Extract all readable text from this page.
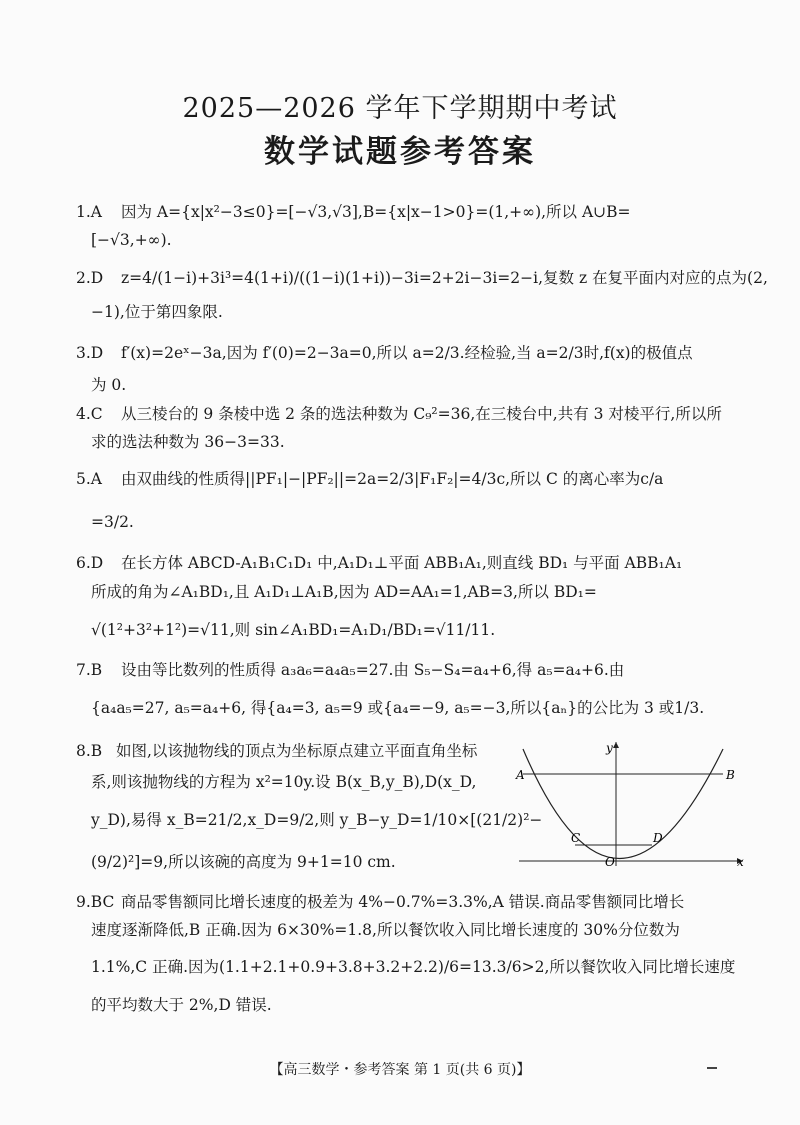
2025—2026 学年下学期期中考试
数学试题参考答案
1.A 因为 A={x|x²−3≤0}=[−√3,√3],B={x|x−1>0}=(1,+∞),所以 A∪B=
[−√3,+∞).
2.D z=4/(1−i)+3i³=4(1+i)/((1−i)(1+i))−3i=2+2i−3i=2−i,复数 z 在复平面内对应的点为(2,
−1),位于第四象限.
3.D f′(x)=2eˣ−3a,因为 f′(0)=2−3a=0,所以 a=2/3.经检验,当 a=2/3时,f(x)的极值点
为 0.
4.C 从三棱台的 9 条棱中选 2 条的选法种数为 C₉²=36,在三棱台中,共有 3 对棱平行,所以所
求的选法种数为 36−3=33.
5.A 由双曲线的性质得||PF₁|−|PF₂||=2a=2/3|F₁F₂|=4/3c,所以 C 的离心率为c/a
=3/2.
6.D 在长方体 ABCD-A₁B₁C₁D₁ 中,A₁D₁⊥平面 ABB₁A₁,则直线 BD₁ 与平面 ABB₁A₁
所成的角为∠A₁BD₁,且 A₁D₁⊥A₁B,因为 AD=AA₁=1,AB=3,所以 BD₁=
√(1²+3²+1²)=√11,则 sin∠A₁BD₁=A₁D₁/BD₁=√11/11.
7.B 设由等比数列的性质得 a₃a₆=a₄a₅=27.由 S₅−S₄=a₄+6,得 a₅=a₄+6.由
{a₄a₅=27, a₅=a₄+6, 得{a₄=3, a₅=9 或{a₄=−9, a₅=−3,所以{aₙ}的公比为 3 或1/3.
8.B 如图,以该抛物线的顶点为坐标原点建立平面直角坐标
系,则该抛物线的方程为 x²=10y.设 B(x_B,y_B),D(x_D,
y_D),易得 x_B=21/2,x_D=9/2,则 y_B−y_D=1/10×[(21/2)²−
(9/2)²]=9,所以该碗的高度为 9+1=10 cm.
y
A	B
C	D
O	x
9.BC 商品零售额同比增长速度的极差为 4%−0.7%=3.3%,A 错误.商品零售额同比增长
速度逐渐降低,B 正确.因为 6×30%=1.8,所以餐饮收入同比增长速度的 30%分位数为
1.1%,C 正确.因为(1.1+2.1+0.9+3.8+3.2+2.2)/6=13.3/6>2,所以餐饮收入同比增长速度
的平均数大于 2%,D 错误.
【高三数学・参考答案 第 1 页(共 6 页)】
